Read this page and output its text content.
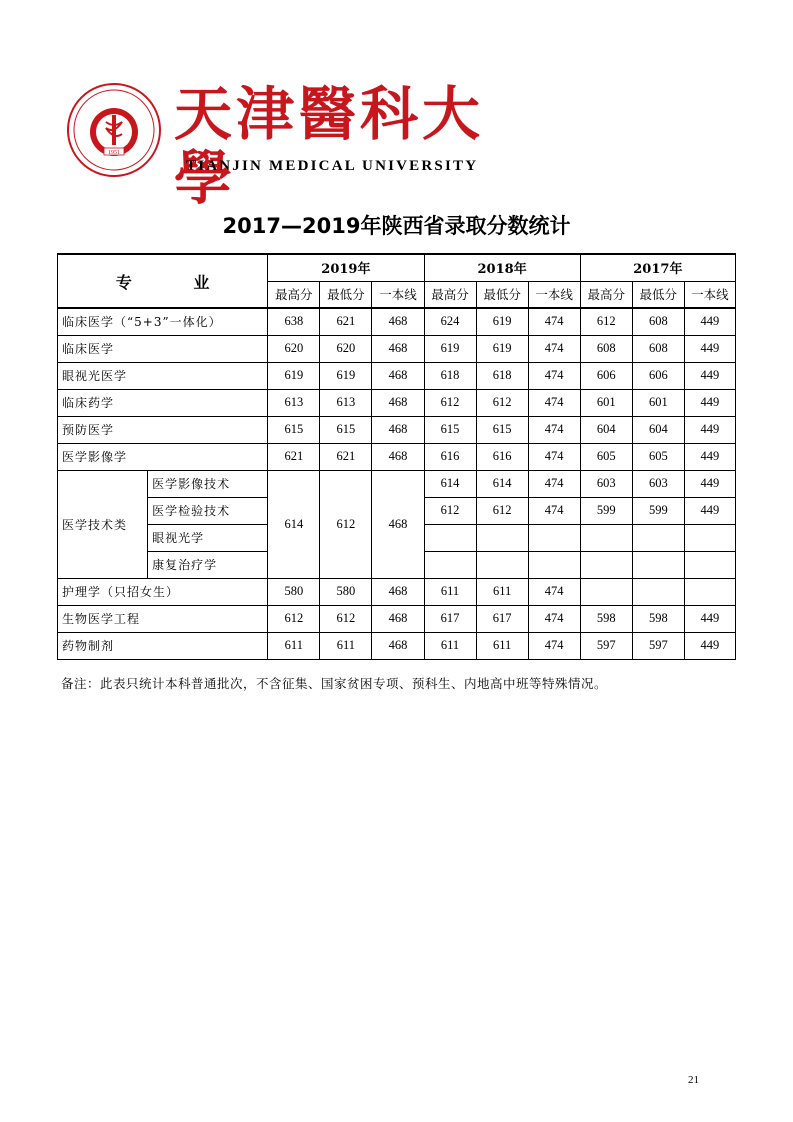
1951
天津醫科大學
TIANJIN MEDICAL UNIVERSITY
2017—2019年陕西省录取分数统计
专 业		2019年			2018年			2017年		
		最高分	最低分	一本线	最高分	最低分	一本线	最高分	最低分	一本线
临床医学（“5+3”一体化）		638	621	468	624	619	474	612	608	449
临床医学		620	620	468	619	619	474	608	608	449
眼视光医学		619	619	468	618	618	474	606	606	449
临床药学		613	613	468	612	612	474	601	601	449
预防医学		615	615	468	615	615	474	604	604	449
医学影像学		621	621	468	616	616	474	605	605	449
医学技术类	医学影像技术	614	612	468	614	614	474	603	603	449
	医学检验技术				612	612	474	599	599	449
	眼视光学									
	康复治疗学									
护理学（只招女生）		580	580	468	611	611	474			
生物医学工程		612	612	468	617	617	474	598	598	449
药物制剂		611	611	468	611	611	474	597	597	449
备注：此表只统计本科普通批次，不含征集、国家贫困专项、预科生、内地高中班等特殊情况。
21
